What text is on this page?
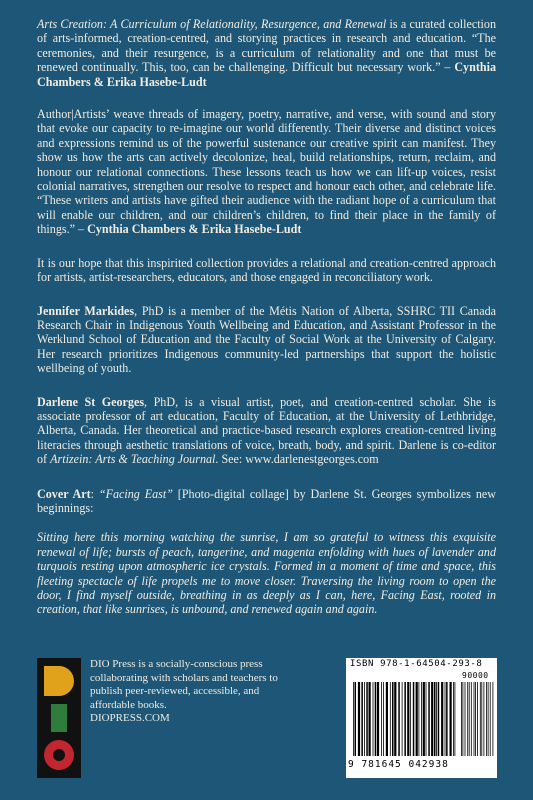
Arts Creation: A Curriculum of Relationality, Resurgence, and Renewal is a curated collection of arts-informed, creation-centred, and storying practices in research and education. “The ceremonies, and their resurgence, is a curriculum of relationality and one that must be renewed continually. This, too, can be challenging. Difficult but necessary work.” – Cynthia Chambers & Erika Hasebe-Ludt

Author|Artists’ weave threads of imagery, poetry, narrative, and verse, with sound and story that evoke our capacity to re-imagine our world differently. Their diverse and distinct voices and expressions remind us of the powerful sustenance our creative spirit can manifest. They show us how the arts can actively decolonize, heal, build relationships, return, reclaim, and honour our relational connections. These lessons teach us how we can lift-up voices, resist colonial narratives, strengthen our resolve to respect and honour each other, and celebrate life. “These writers and artists have gifted their audience with the radiant hope of a curriculum that will enable our children, and our children’s children, to find their place in the family of things.” – Cynthia Chambers & Erika Hasebe-Ludt

It is our hope that this inspirited collection provides a relational and creation-centred approach for artists, artist-researchers, educators, and those engaged in reconciliatory work.

Jennifer Markides, PhD is a member of the Métis Nation of Alberta, SSHRC TII Canada Research Chair in Indigenous Youth Wellbeing and Education, and Assistant Professor in the Werklund School of Education and the Faculty of Social Work at the University of Calgary. Her research prioritizes Indigenous community-led partnerships that support the holistic wellbeing of youth.

Darlene St Georges, PhD, is a visual artist, poet, and creation-centred scholar. She is associate professor of art education, Faculty of Education, at the University of Lethbridge, Alberta, Canada. Her theoretical and practice-based research explores creation-centred living literacies through aesthetic translations of voice, breath, body, and spirit. Darlene is co-editor of Artizein: Arts & Teaching Journal. See: www.darlenestgeorges.com

Cover Art: “Facing East” [Photo-digital collage] by Darlene St. Georges symbolizes new beginnings:

Sitting here this morning watching the sunrise, I am so grateful to witness this exquisite renewal of life; bursts of peach, tangerine, and magenta enfolding with hues of lavender and turquois resting upon atmospheric ice crystals. Formed in a moment of time and space, this fleeting spectacle of life propels me to move closer. Traversing the living room to open the door, I find myself outside, breathing in as deeply as I can, here, Facing East, rooted in creation, that like sunrises, is unbound, and renewed again and again.

DIO Press is a socially-conscious press collaborating with scholars and teachers to publish peer-reviewed, accessible, and affordable books.
DIOPRESS.COM
ISBN 978-1-64504-293-8
90000
9 781645 042938
